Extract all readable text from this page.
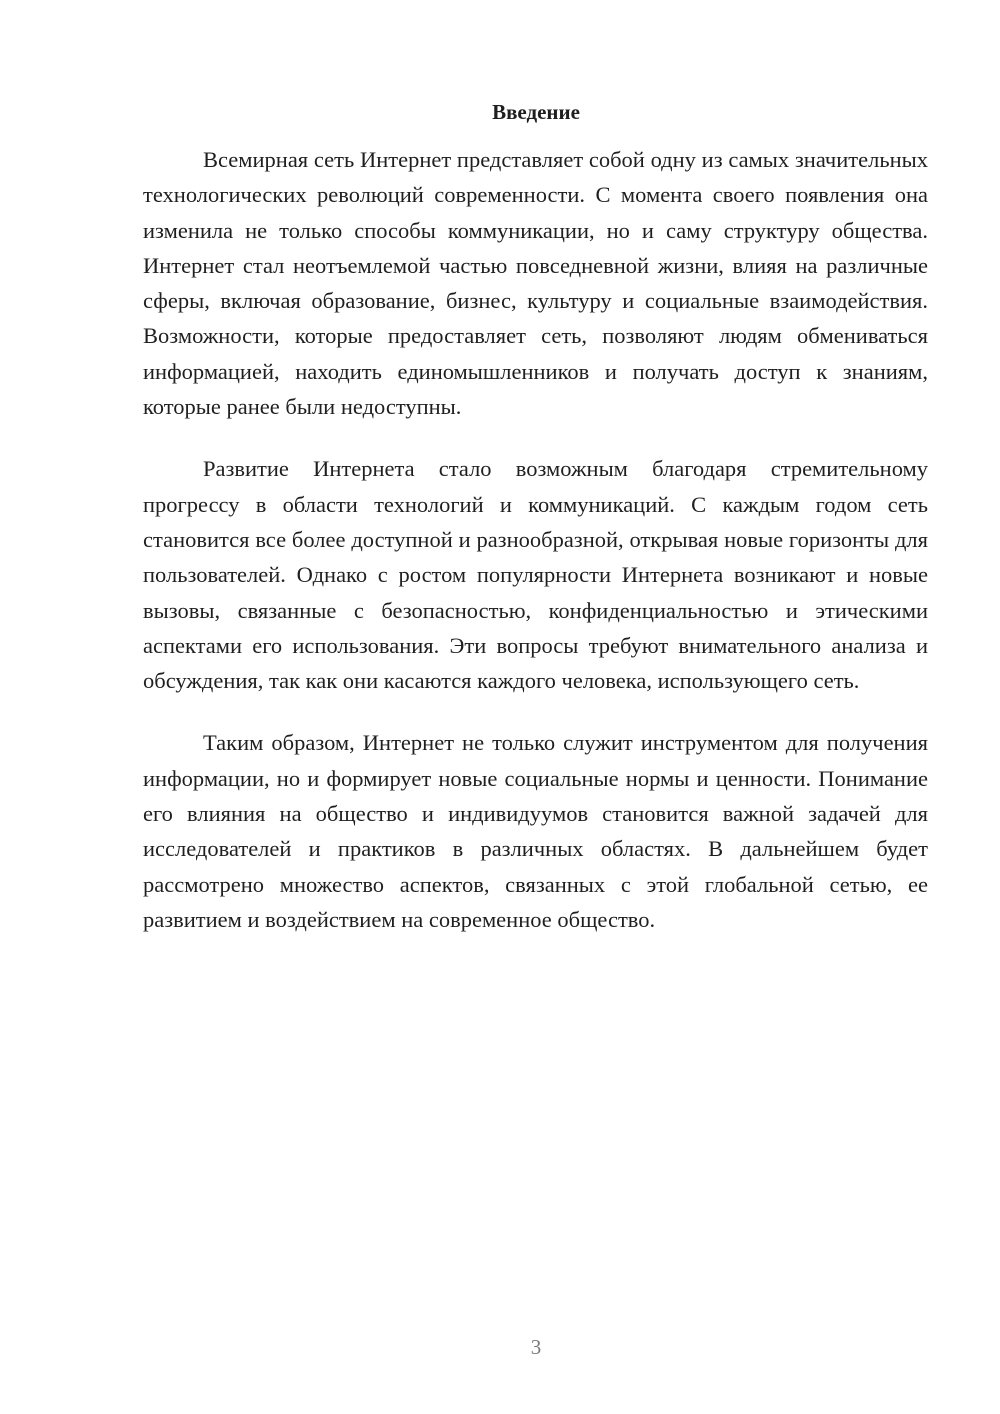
Введение

Всемирная сеть Интернет представляет собой одну из самых значительных технологических революций современности. С момента своего появления она изменила не только способы коммуникации, но и саму структуру общества. Интернет стал неотъемлемой частью повседневной жизни, влияя на различные сферы, включая образование, бизнес, культуру и социальные взаимодействия. Возможности, которые предоставляет сеть, позволяют людям обмениваться информацией, находить единомышленников и получать доступ к знаниям, которые ранее были недоступны.

Развитие Интернета стало возможным благодаря стремительному прогрессу в области технологий и коммуникаций. С каждым годом сеть становится все более доступной и разнообразной, открывая новые горизонты для пользователей. Однако с ростом популярности Интернета возникают и новые вызовы, связанные с безопасностью, конфиденциальностью и этическими аспектами его использования. Эти вопросы требуют внимательного анализа и обсуждения, так как они касаются каждого человека, использующего сеть.

Таким образом, Интернет не только служит инструментом для получения информации, но и формирует новые социальные нормы и ценности. Понимание его влияния на общество и индивидуумов становится важной задачей для исследователей и практиков в различных областях. В дальнейшем будет рассмотрено множество аспектов, связанных с этой глобальной сетью, ее развитием и воздействием на современное общество.

3
